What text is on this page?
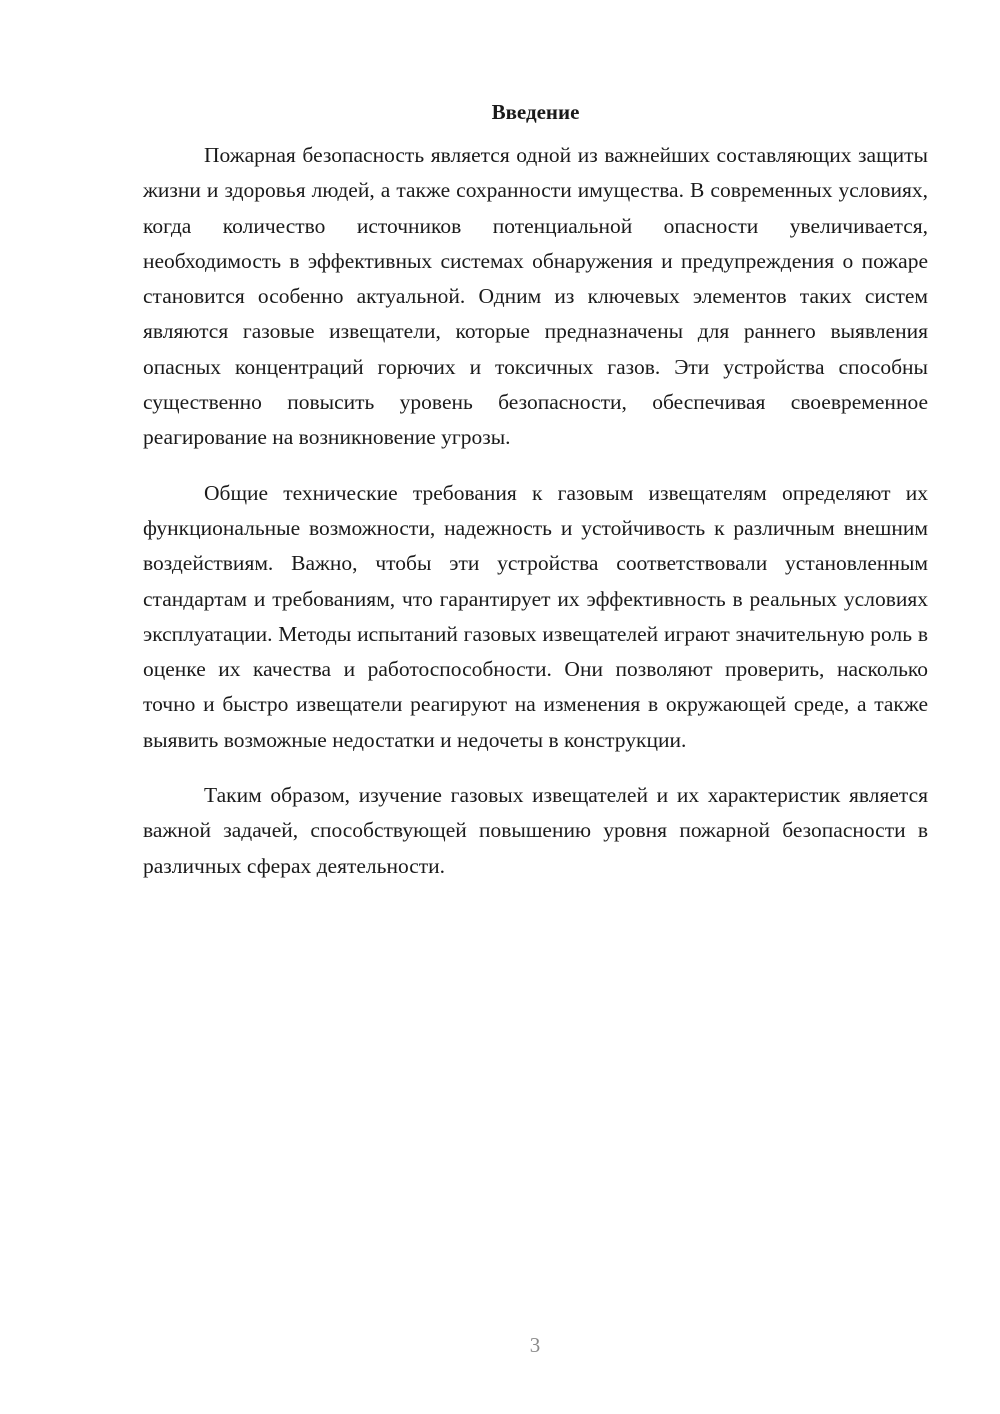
Введение

Пожарная безопасность является одной из важнейших составляющих защиты жизни и здоровья людей, а также сохранности имущества. В современных условиях, когда количество источников потенциальной опасности увеличивается, необходимость в эффективных системах обнаружения и предупреждения о пожаре становится особенно актуальной. Одним из ключевых элементов таких систем являются газовые извещатели, которые предназначены для раннего выявления опасных концентраций горючих и токсичных газов. Эти устройства способны существенно повысить уровень безопасности, обеспечивая своевременное реагирование на возникновение угрозы.

Общие технические требования к газовым извещателям определяют их функциональные возможности, надежность и устойчивость к различным внешним воздействиям. Важно, чтобы эти устройства соответствовали установленным стандартам и требованиям, что гарантирует их эффективность в реальных условиях эксплуатации. Методы испытаний газовых извещателей играют значительную роль в оценке их качества и работоспособности. Они позволяют проверить, насколько точно и быстро извещатели реагируют на изменения в окружающей среде, а также выявить возможные недостатки и недочеты в конструкции.

Таким образом, изучение газовых извещателей и их характеристик является важной задачей, способствующей повышению уровня пожарной безопасности в различных сферах деятельности.

3
